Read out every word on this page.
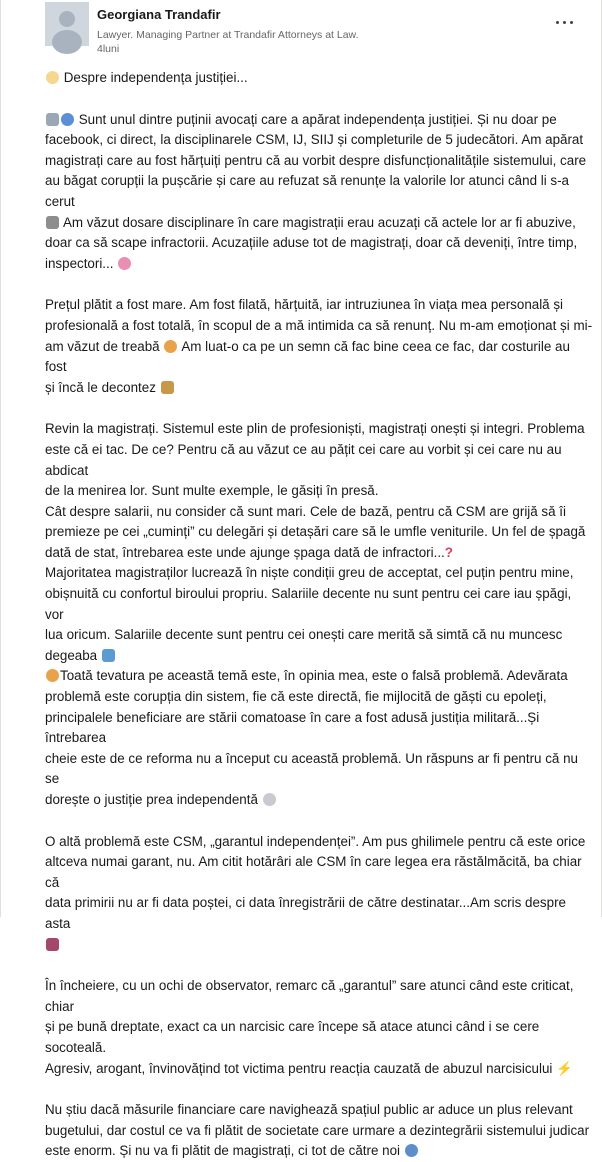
Georgiana Trandafir
Lawyer. Managing Partner at Trandafir Attorneys at Law.
4luni

Despre independența justiției...

Sunt unul dintre puținii avocați care a apărat independența justiției. Și nu doar pe

facebook, ci direct, la disciplinarele CSM, IJ, SIIJ și completurile de 5 judecători. Am apărat

magistrați care au fost hărțuiți pentru că au vorbit despre disfuncționalitățile sistemului, care

au băgat corupții la pușcărie și care au refuzat să renunțe la valorile lor atunci când li s-a cerut

Am văzut dosare disciplinare în care magistrații erau acuzați că actele lor ar fi abuzive,

doar ca să scape infractorii. Acuzațiile aduse tot de magistrați, doar că deveniți, între timp,

inspectori...

Prețul plătit a fost mare. Am fost filată, hărțuită, iar intruziunea în viața mea personală și

profesională a fost totală, în scopul de a mă intimida ca să renunț. Nu m-am emoționat și mi-

am văzut de treabă Am luat-o ca pe un semn că fac bine ceea ce fac, dar costurile au fost

și încă le decontez

Revin la magistrați. Sistemul este plin de profesioniști, magistrați onești și integri. Problema

este că ei tac. De ce? Pentru că au văzut ce au pățit cei care au vorbit și cei care nu au abdicat

de la menirea lor. Sunt multe exemple, le găsiți în presă.

Cât despre salarii, nu consider că sunt mari. Cele de bază, pentru că CSM are grijă să îi

premieze pe cei „cuminți” cu delegări și detașări care să le umfle veniturile. Un fel de șpagă

dată de stat, întrebarea este unde ajunge șpaga dată de infractori...?

Majoritatea magistraților lucrează în niște condiții greu de acceptat, cel puțin pentru mine,

obișnuită cu confortul biroului propriu. Salariile decente nu sunt pentru cei care iau șpăgi, vor

lua oricum. Salariile decente sunt pentru cei onești care merită să simtă că nu muncesc

degeaba

Toată tevatura pe această temă este, în opinia mea, este o falsă problemă. Adevărata

problemă este corupția din sistem, fie că este directă, fie mijlocită de găști cu epoleți,

principalele beneficiare are stării comatoase în care a fost adusă justiția militară...Și întrebarea

cheie este de ce reforma nu a început cu această problemă. Un răspuns ar fi pentru că nu se

dorește o justiție prea independentă

O altă problemă este CSM, „garantul independenței”. Am pus ghilimele pentru că este orice

altceva numai garant, nu. Am citit hotărâri ale CSM în care legea era răstălmăcită, ba chiar că

data primirii nu ar fi data poștei, ci data înregistrării de către destinatar...Am scris despre asta

În încheiere, cu un ochi de observator, remarc că „garantul” sare atunci când este criticat, chiar

și pe bună dreptate, exact ca un narcisic care începe să atace atunci când i se cere socoteală.

Agresiv, arogant, învinovățind tot victima pentru reacția cauzată de abuzul narcisicului ⚡

Nu știu dacă măsurile financiare care navighează spațiul public ar aduce un plus relevant

bugetului, dar costul ce va fi plătit de societate care urmare a dezintegrării sistemului judicar

este enorm. Și nu va fi plătit de magistrați, ci tot de către noi
